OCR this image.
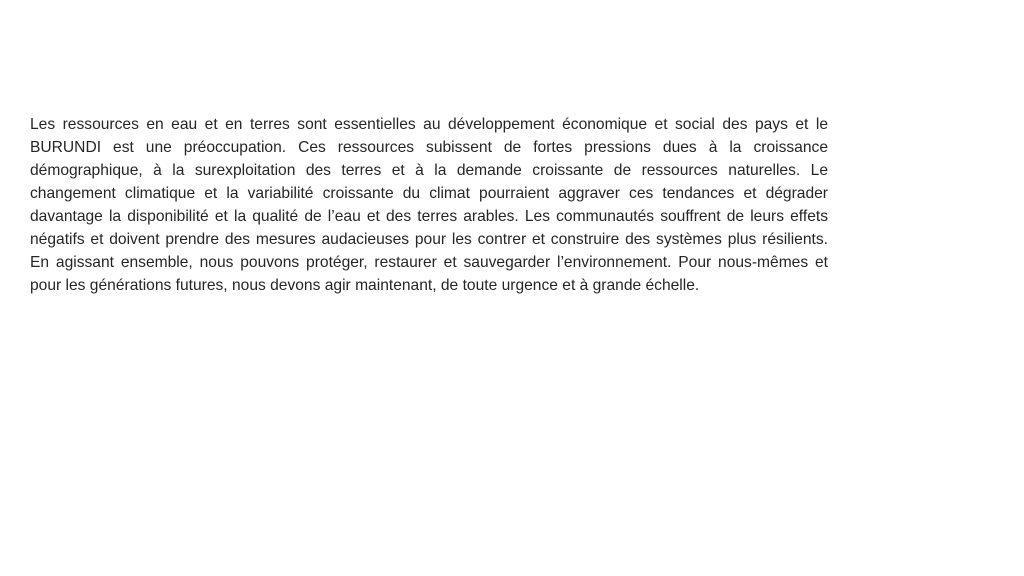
Les ressources en eau et en terres sont essentielles au développement économique et social des pays et le BURUNDI est une préoccupation. Ces ressources subissent de fortes pressions dues à la croissance démographique, à la surexploitation des terres et à la demande croissante de ressources naturelles. Le changement climatique et la variabilité croissante du climat pourraient aggraver ces tendances et dégrader davantage la disponibilité et la qualité de l’eau et des terres arables. Les communautés souffrent de leurs effets négatifs et doivent prendre des mesures audacieuses pour les contrer et construire des systèmes plus résilients. En agissant ensemble, nous pouvons protéger, restaurer et sauvegarder l’environnement. Pour nous-mêmes et pour les générations futures, nous devons agir maintenant, de toute urgence et à grande échelle.
